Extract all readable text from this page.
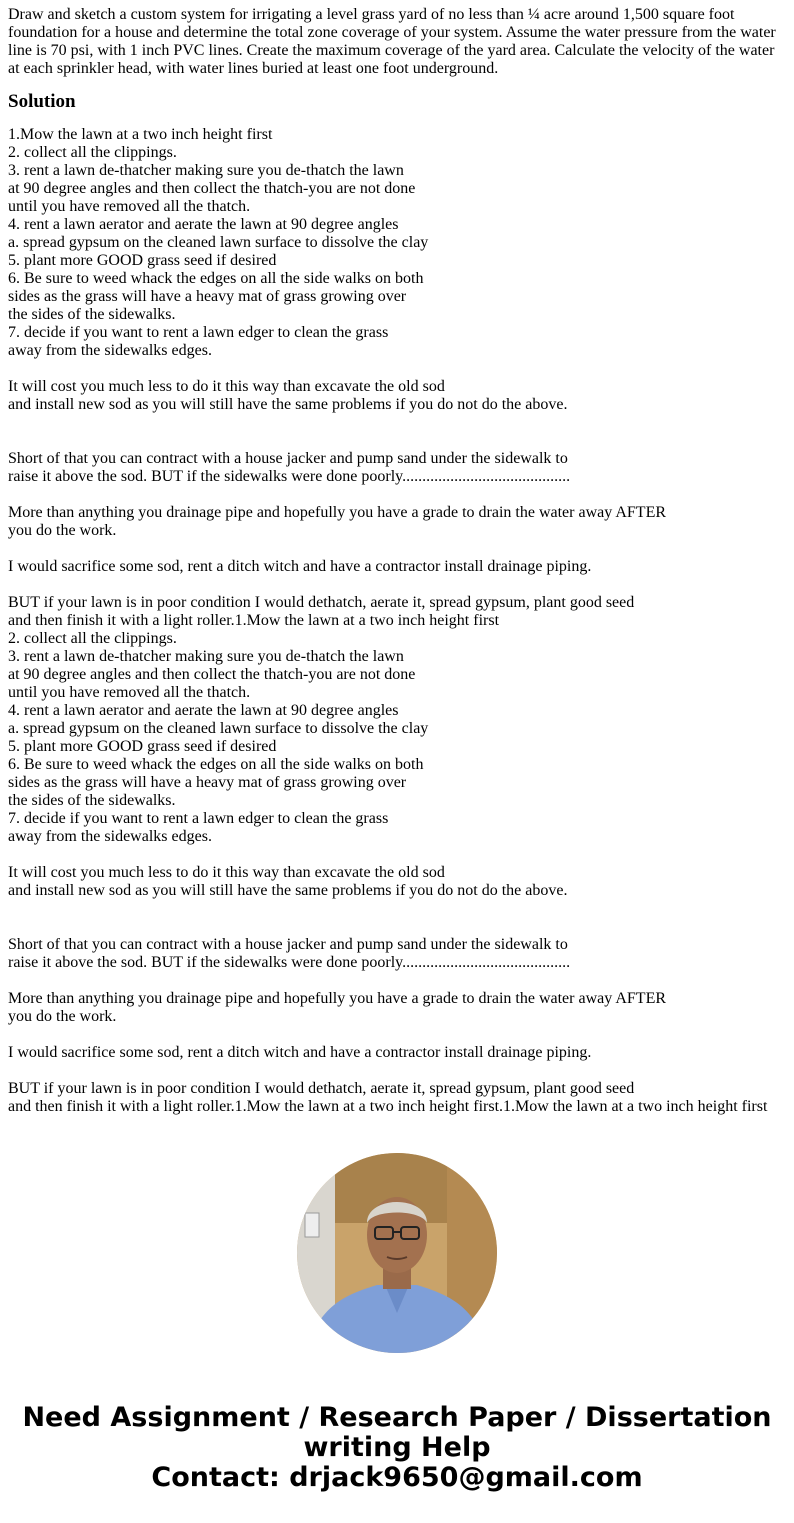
Draw and sketch a custom system for irrigating a level grass yard of no less than ¼ acre around 1,500 square foot foundation for a house and determine the total zone coverage of your system. Assume the water pressure from the water line is 70 psi, with 1 inch PVC lines. Create the maximum coverage of the yard area. Calculate the velocity of the water at each sprinkler head, with water lines buried at least one foot underground.

Solution

1.Mow the lawn at a two inch height first
2. collect all the clippings.
3. rent a lawn de-thatcher making sure you de-thatch the lawn
at 90 degree angles and then collect the thatch-you are not done
until you have removed all the thatch.
4. rent a lawn aerator and aerate the lawn at 90 degree angles
a. spread gypsum on the cleaned lawn surface to dissolve the clay
5. plant more GOOD grass seed if desired
6. Be sure to weed whack the edges on all the side walks on both
sides as the grass will have a heavy mat of grass growing over
the sides of the sidewalks.
7. decide if you want to rent a lawn edger to clean the grass
away from the sidewalks edges.

It will cost you much less to do it this way than excavate the old sod
and install new sod as you will still have the same problems if you do not do the above.

Short of that you can contract with a house jacker and pump sand under the sidewalk to
raise it above the sod. BUT if the sidewalks were done poorly..........................................

More than anything you drainage pipe and hopefully you have a grade to drain the water away AFTER
you do the work.

I would sacrifice some sod, rent a ditch witch and have a contractor install drainage piping.

BUT if your lawn is in poor condition I would dethatch, aerate it, spread gypsum, plant good seed
and then finish it with a light roller.1.Mow the lawn at a two inch height first
2. collect all the clippings.
3. rent a lawn de-thatcher making sure you de-thatch the lawn
at 90 degree angles and then collect the thatch-you are not done
until you have removed all the thatch.
4. rent a lawn aerator and aerate the lawn at 90 degree angles
a. spread gypsum on the cleaned lawn surface to dissolve the clay
5. plant more GOOD grass seed if desired
6. Be sure to weed whack the edges on all the side walks on both
sides as the grass will have a heavy mat of grass growing over
the sides of the sidewalks.
7. decide if you want to rent a lawn edger to clean the grass
away from the sidewalks edges.

It will cost you much less to do it this way than excavate the old sod
and install new sod as you will still have the same problems if you do not do the above.

Short of that you can contract with a house jacker and pump sand under the sidewalk to
raise it above the sod. BUT if the sidewalks were done poorly..........................................

More than anything you drainage pipe and hopefully you have a grade to drain the water away AFTER
you do the work.

I would sacrifice some sod, rent a ditch witch and have a contractor install drainage piping.

BUT if your lawn is in poor condition I would dethatch, aerate it, spread gypsum, plant good seed
and then finish it with a light roller.1.Mow the lawn at a two inch height first.1.Mow the lawn at a two inch height first

Need Assignment / Research Paper / Dissertation
writing Help
Contact: drjack9650@gmail.com
